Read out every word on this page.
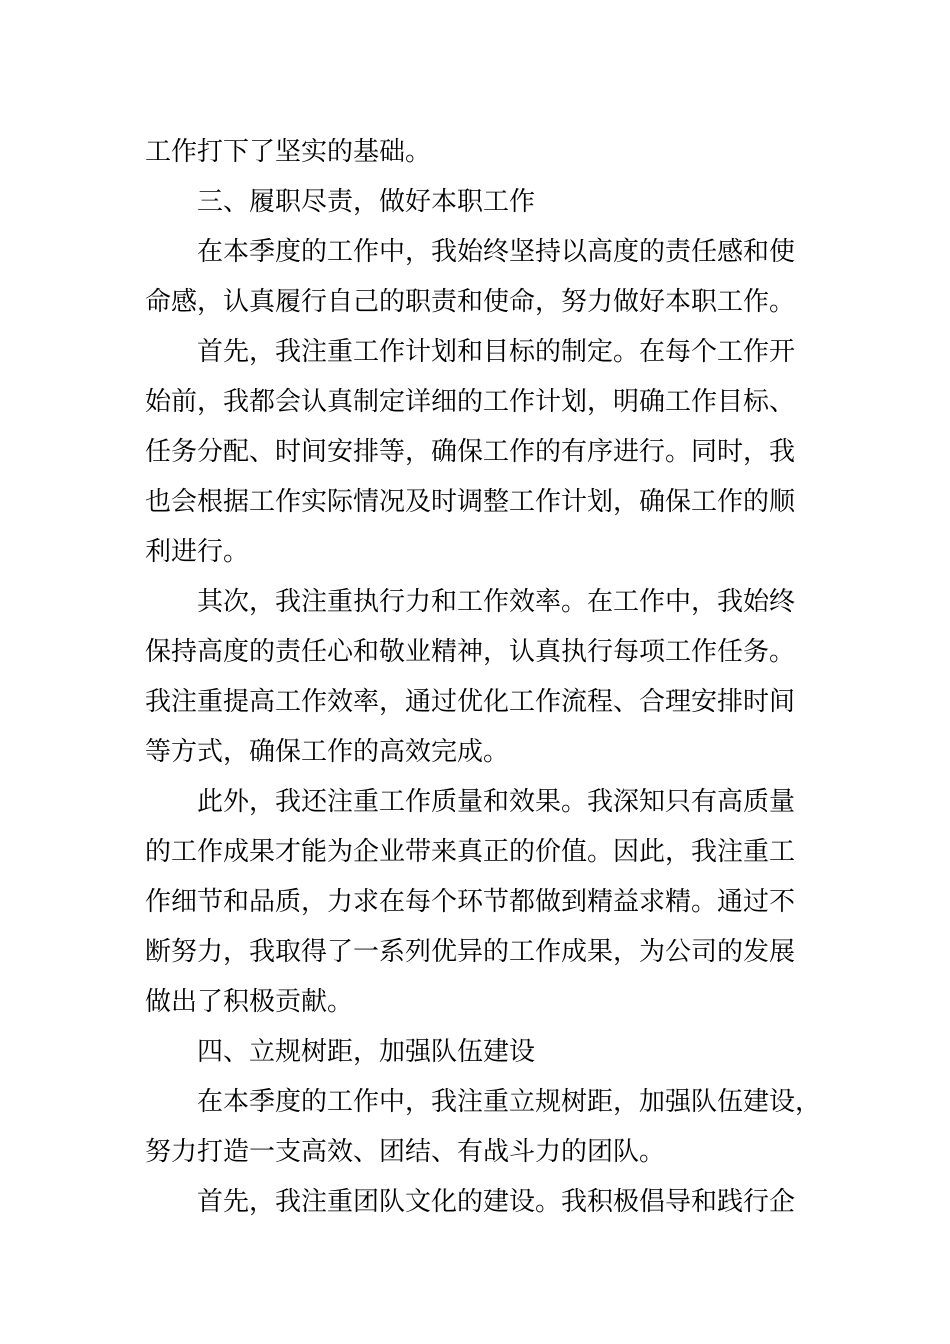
工作打下了坚实的基础。
三、履职尽责，做好本职工作
在本季度的工作中，我始终坚持以高度的责任感和使
命感，认真履行自己的职责和使命，努力做好本职工作。
首先，我注重工作计划和目标的制定。在每个工作开
始前，我都会认真制定详细的工作计划，明确工作目标、
任务分配、时间安排等，确保工作的有序进行。同时，我
也会根据工作实际情况及时调整工作计划，确保工作的顺
利进行。
其次，我注重执行力和工作效率。在工作中，我始终
保持高度的责任心和敬业精神，认真执行每项工作任务。
我注重提高工作效率，通过优化工作流程、合理安排时间
等方式，确保工作的高效完成。
此外，我还注重工作质量和效果。我深知只有高质量
的工作成果才能为企业带来真正的价值。因此，我注重工
作细节和品质，力求在每个环节都做到精益求精。通过不
断努力，我取得了一系列优异的工作成果，为公司的发展
做出了积极贡献。
四、立规树距，加强队伍建设
在本季度的工作中，我注重立规树距，加强队伍建设，
努力打造一支高效、团结、有战斗力的团队。
首先，我注重团队文化的建设。我积极倡导和践行企
